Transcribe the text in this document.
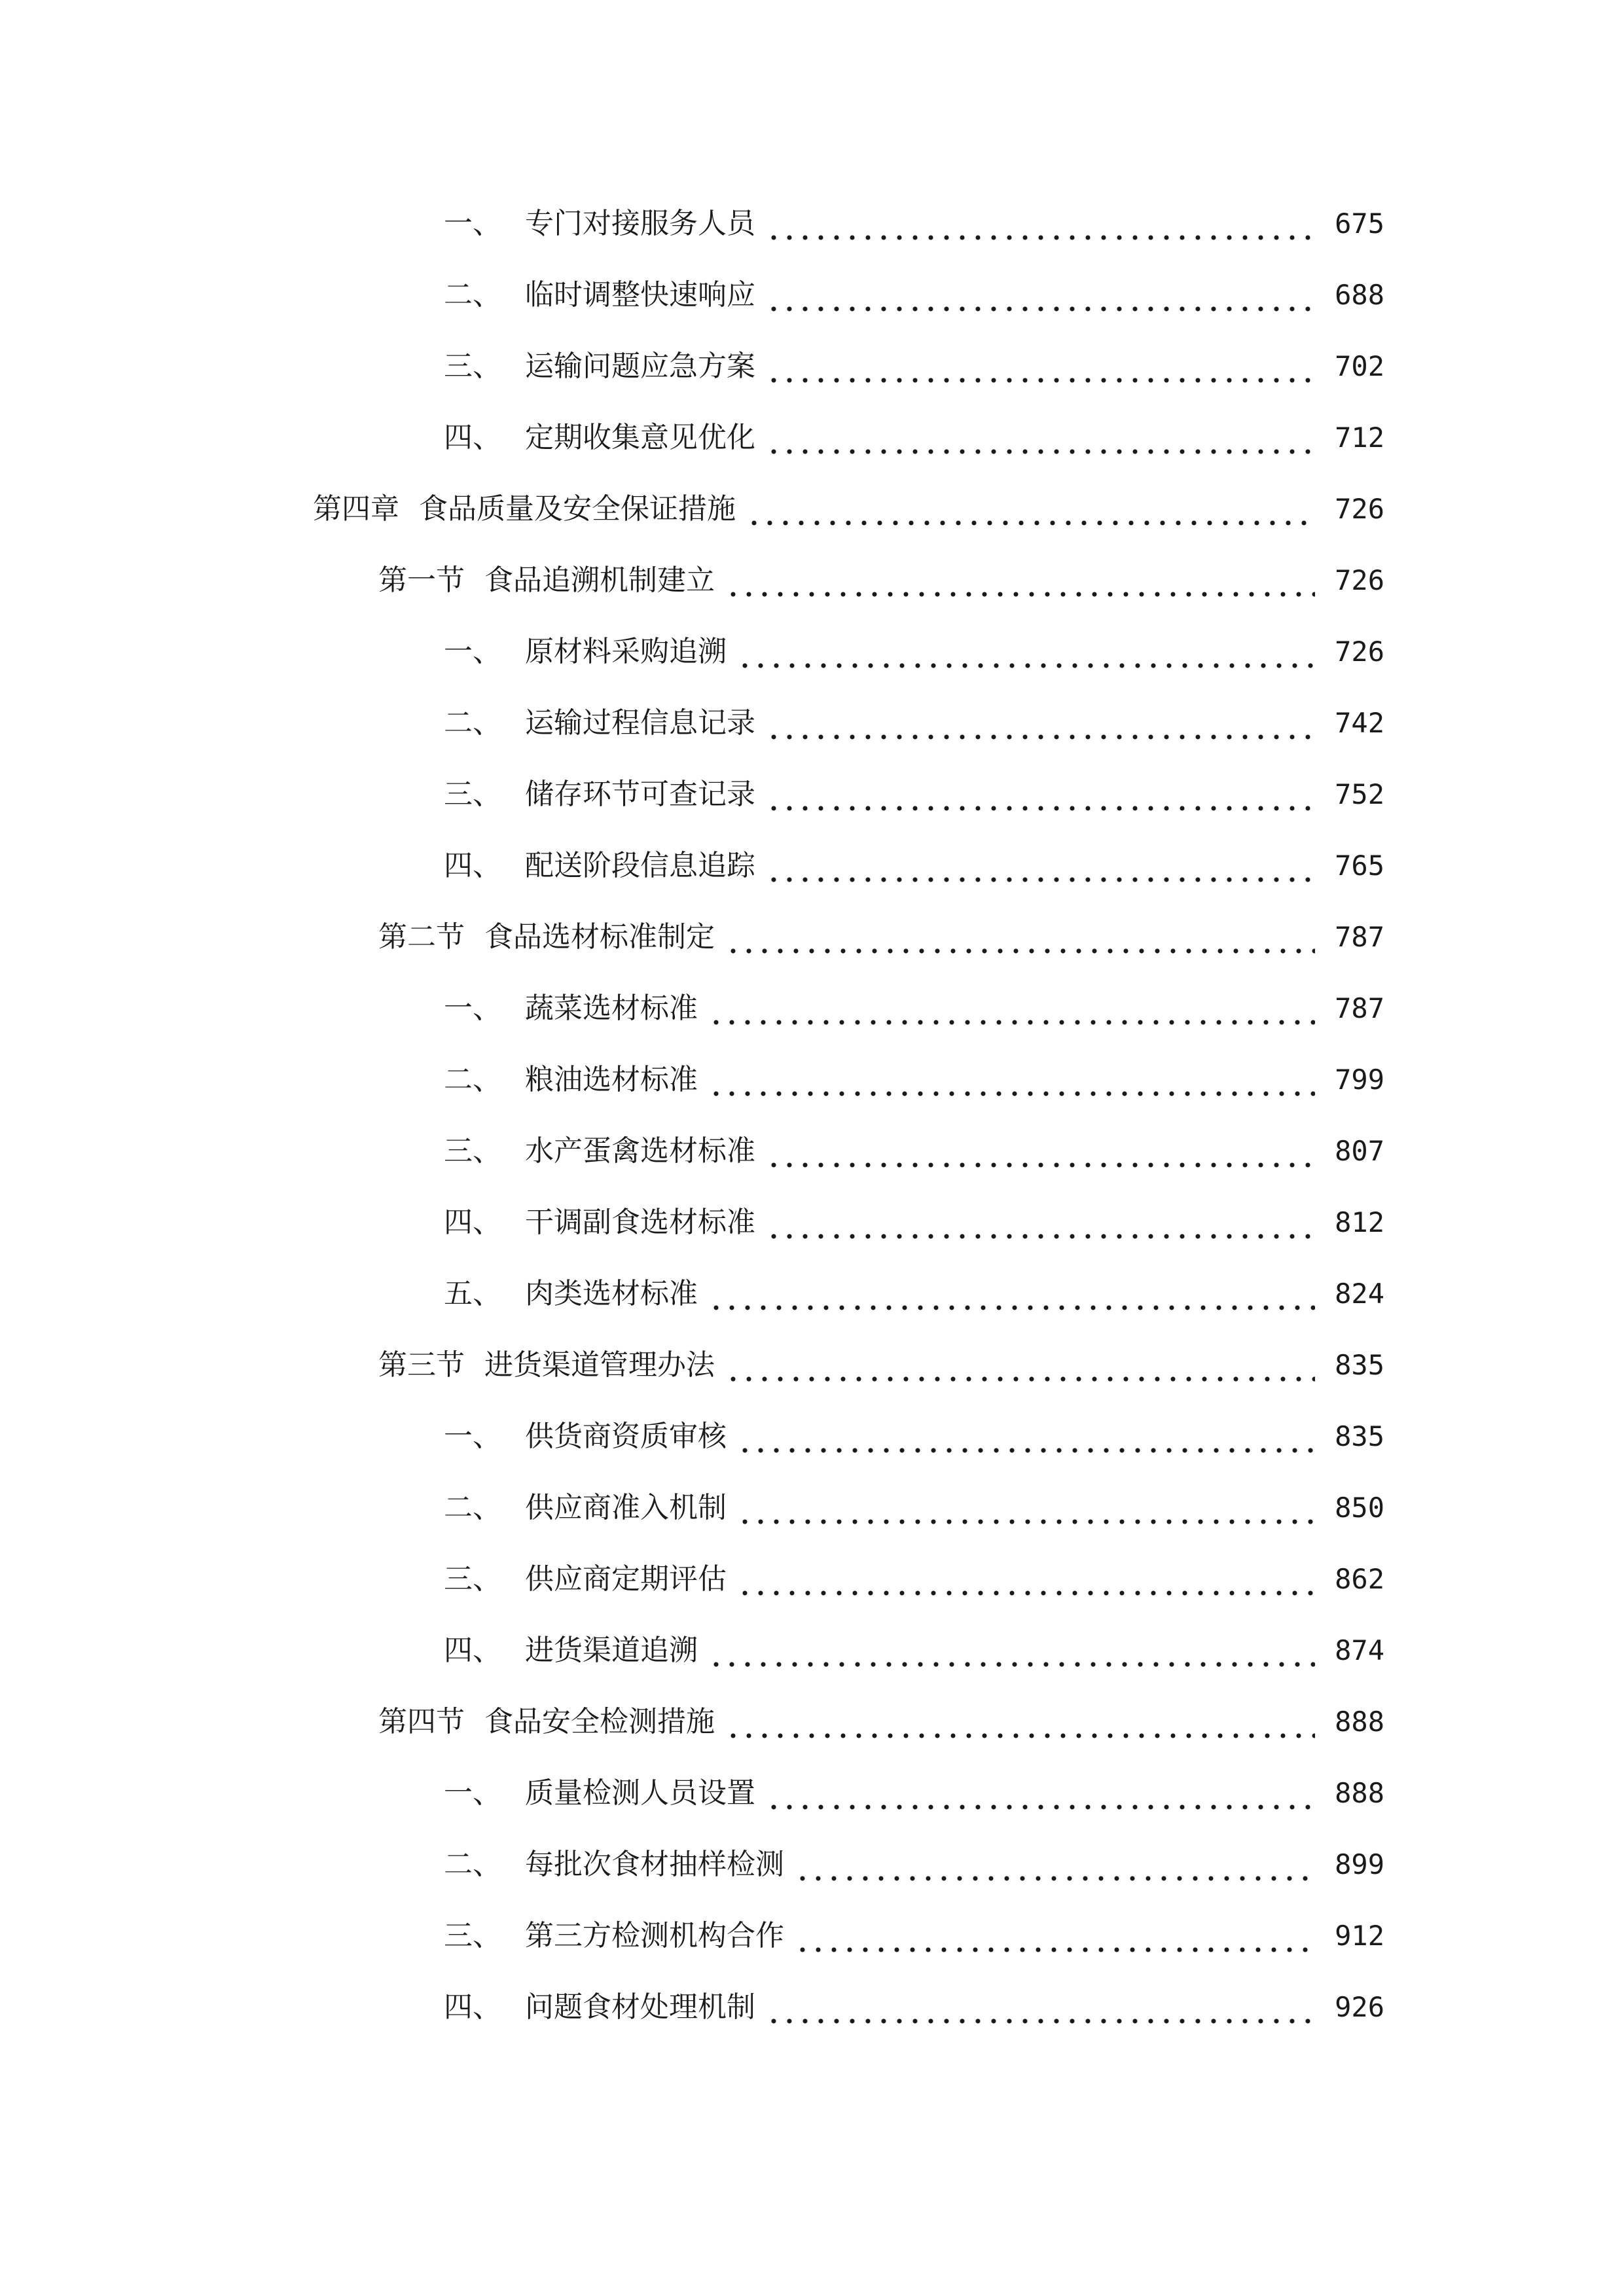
一、 专门对接服务人员	675
二、 临时调整快速响应	688
三、 运输问题应急方案	702
四、 定期收集意见优化	712
第四章 食品质量及安全保证措施	726
第一节 食品追溯机制建立	726
一、 原材料采购追溯	726
二、 运输过程信息记录	742
三、 储存环节可查记录	752
四、 配送阶段信息追踪	765
第二节 食品选材标准制定	787
一、 蔬菜选材标准	787
二、 粮油选材标准	799
三、 水产蛋禽选材标准	807
四、 干调副食选材标准	812
五、 肉类选材标准	824
第三节 进货渠道管理办法	835
一、 供货商资质审核	835
二、 供应商准入机制	850
三、 供应商定期评估	862
四、 进货渠道追溯	874
第四节 食品安全检测措施	888
一、 质量检测人员设置	888
二、 每批次食材抽样检测	899
三、 第三方检测机构合作	912
四、 问题食材处理机制	926
